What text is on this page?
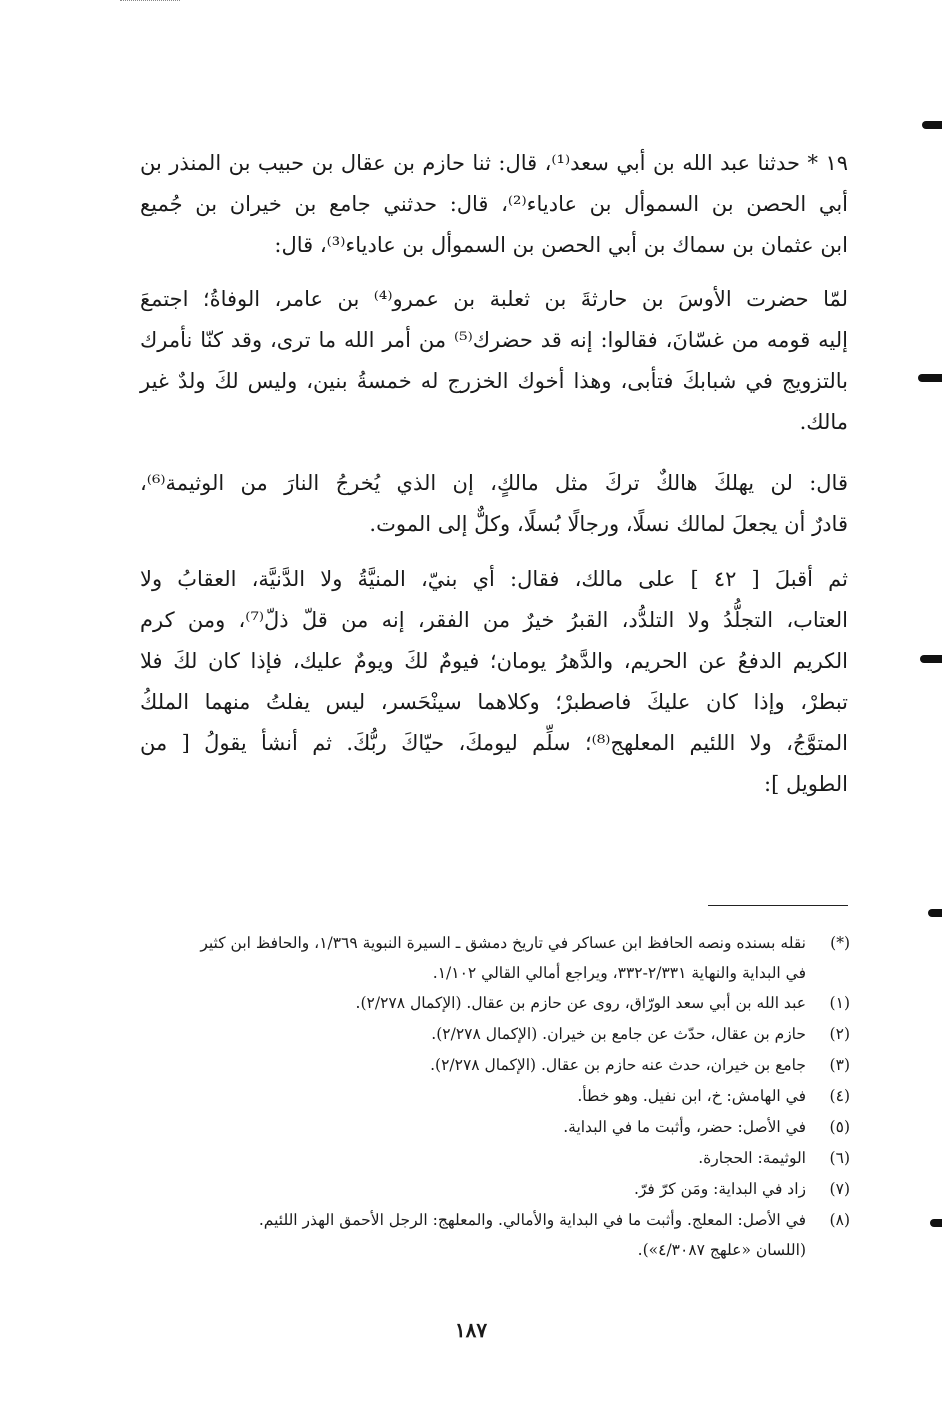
١٩ * حدثنا عبد الله بن أبي سعد⁽¹⁾، قال: ثنا حازم بن عقال بن حبيب بن المنذر بن
أبي الحصن بن السموأل بن عادياء⁽²⁾، قال: حدثني جامع بن خيران بن جُميع
ابن عثمان بن سماك بن أبي الحصن بن السموأل بن عادياء⁽³⁾، قال:
لمّا حضرت الأوسَ بن حارثةَ بن ثعلبة بن عمرو⁽⁴⁾ بن عامر، الوفاةُ؛ اجتمعَ
إليه قومه من غسّانَ، فقالوا: إنه قد حضرك⁽⁵⁾ من أمر الله ما ترى، وقد كنّا نأمرك
بالتزويج في شبابكَ فتأبى، وهذا أخوك الخزرج له خمسةُ بنين، وليس لكَ ولدٌ غير
مالك.
قال: لن يهلكَ هالكٌ تركَ مثل مالكٍ، إن الذي يُخرجُ النارَ من الوثيمة⁽⁶⁾،
قادرٌ أن يجعلَ لمالك نسلًا، ورجالًا بُسلًا، وكلٌّ إلى الموت.
ثم أقبلَ [ ٤٢ ] على مالك، فقال: أي بنيّ، المنيَّةُ ولا الدَّنيَّة، العقابُ ولا
العتاب، التجلُّدُ ولا التلدُّد، القبرُ خيرٌ من الفقر، إنه من قلّ ذلّ⁽⁷⁾، ومن كرم
الكريم الدفعُ عن الحريم، والدَّهرُ يومان؛ فيومٌ لكَ ويومٌ عليك، فإذا كان لكَ فلا
تبطرْ، وإذا كان عليكَ فاصطبرْ؛ وكلاهما سينْحَسر، ليس يفلتُ منهما الملكُ
المتوَّجُ، ولا اللئيم المعلهج⁽⁸⁾؛ سلِّم ليومكَ، حيّاكَ ربُّكَ. ثم أنشأ يقولُ [ من
الطويل ]:
(*)
نقله بسنده ونصه الحافظ ابن عساكر في تاريخ دمشق ـ السيرة النبوية ١/٣٦٩، والحافظ ابن كثير
في البداية والنهاية ٢/٣٣١-٣٣٢، ويراجع أمالي القالي ١/١٠٢.
(١)
عبد الله بن أبي سعد الورّاق، روى عن حازم بن عقال. (الإكمال ٢/٢٧٨).
(٢)
حازم بن عقال، حدّث عن جامع بن خيران. (الإكمال ٢/٢٧٨).
(٣)
جامع بن خيران، حدث عنه حازم بن عقال. (الإكمال ٢/٢٧٨).
(٤)
في الهامش: خ، ابن نفيل. وهو خطأ.
(٥)
في الأصل: حضر، وأثبت ما في البداية.
(٦)
الوثيمة: الحجارة.
(٧)
زاد في البداية: ومَن كرّ فرّ.
(٨)
في الأصل: المعلج. وأثبت ما في البداية والأمالي. والمعلهج: الرجل الأحمق الهذر اللئيم.
(اللسان «علهج ٤/٣٠٨٧»).
١٨٧
